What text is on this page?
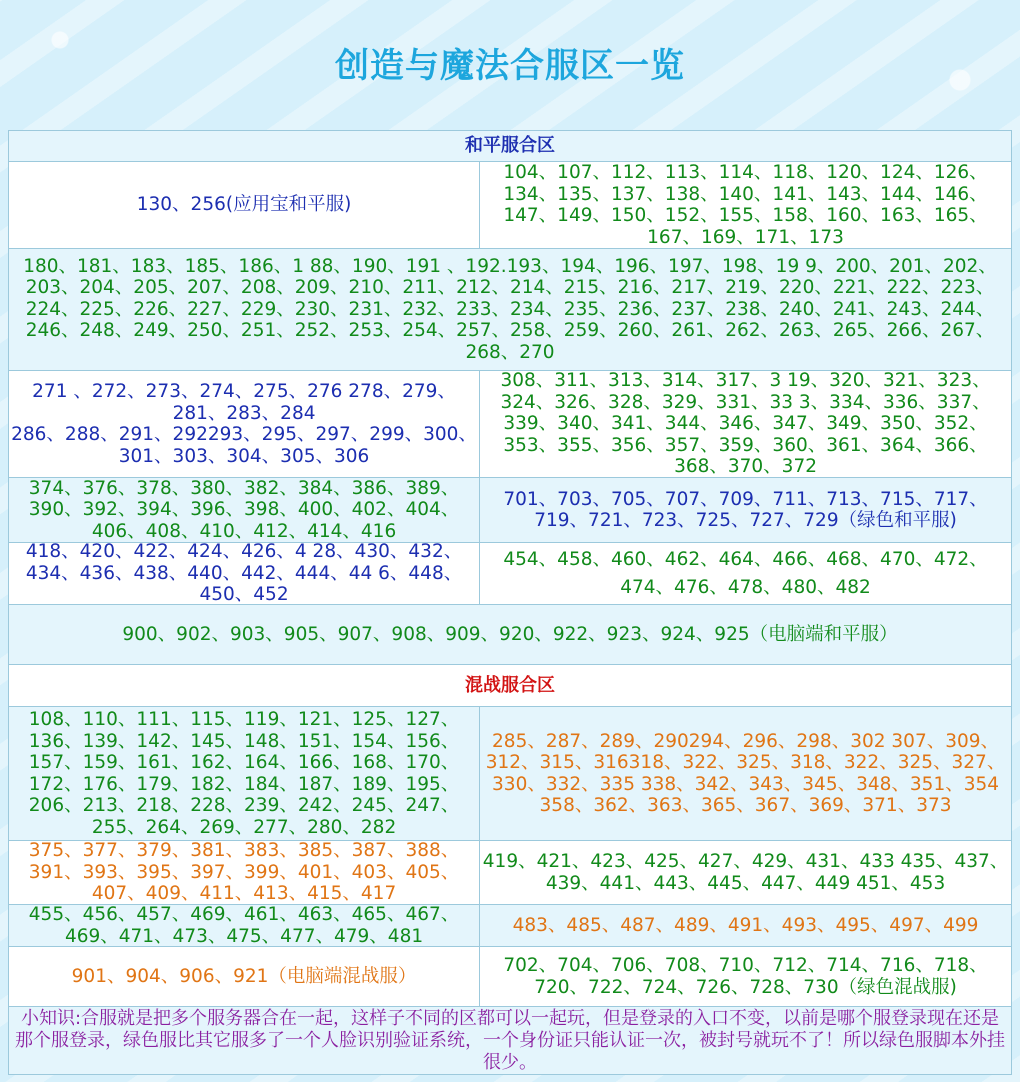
创造与魔法合服区一览
和平服合区
130、256(应用宝和平服)
104、107、112、113、114、118、120、124、126、134、135、137、138、140、141、143、144、146、147、149、150、152、155、158、160、163、165、167、169、171、173
180、181、183、185、186、1 88、190、191 、192.193、194、196、197、198、19 9、200、201、202、203、204、205、207、208、209、210、211、212、214、215、216、217、219、220、221、222、223、224、225、226、227、229、230、231、232、233、234、235、236、237、238、240、241、243、244、246、248、249、250、251、252、253、254、257、258、259、260、261、262、263、265、266、267、268、270
271 、272、273、274、275、276 278、279、281、283、284
286、288、291、292293、295、297、299、300、301、303、304、305、306
308、311、313、314、317、3 19、320、321、323、324、326、328、329、331、33 3、334、336、337、339、340、341、344、346、347、349、350、352、353、355、356、357、359、360、361、364、366、368、370、372
374、376、378、380、382、384、386、389、390、392、394、396、398、400、402、404、406、408、410、412、414、416
701、703、705、707、709、711、713、715、717、719、721、723、725、727、729（绿色和平服)
418、420、422、424、426、4 28、430、432、434、436、438、440、442、444、44 6、448、450、452
454、458、460、462、464、466、468、470、472、474、476、478、480、482
900、902、903、905、907、908、909、920、922、923、924、925（电脑端和平服）
混战服合区
108、110、111、115、119、121、125、127、136、139、142、145、148、151、154、156、157、159、161、162、164、166、168、170、172、176、179、182、184、187、189、195、206、213、218、228、239、242、245、247、255、264、269、277、280、282
285、287、289、290294、296、298、302 307、309、312、315、316318、322、325、318、322、325、327、330、332、335 338、342、343、345、348、351、354
358、362、363、365、367、369、371、373
375、377、379、381、383、385、387、388、391、393、395、397、399、401、403、405、407、409、411、413、415、417
419、421、423、425、427、429、431、433 435、437、439、441、443、445、447、449 451、453
455、456、457、469、461、463、465、467、469、471、473、475、477、479、481
483、485、487、489、491、493、495、497、499
901、904、906、921（电脑端混战服）
702、704、706、708、710、712、714、716、718、720、722、724、726、728、730（绿色混战服)
小知识:合服就是把多个服务器合在一起，这样子不同的区都可以一起玩，但是登录的入口不变，以前是哪个服登录现在还是那个服登录，绿色服比其它服多了一个人脸识别验证系统，一个身份证只能认证一次，被封号就玩不了！所以绿色服脚本外挂很少。
